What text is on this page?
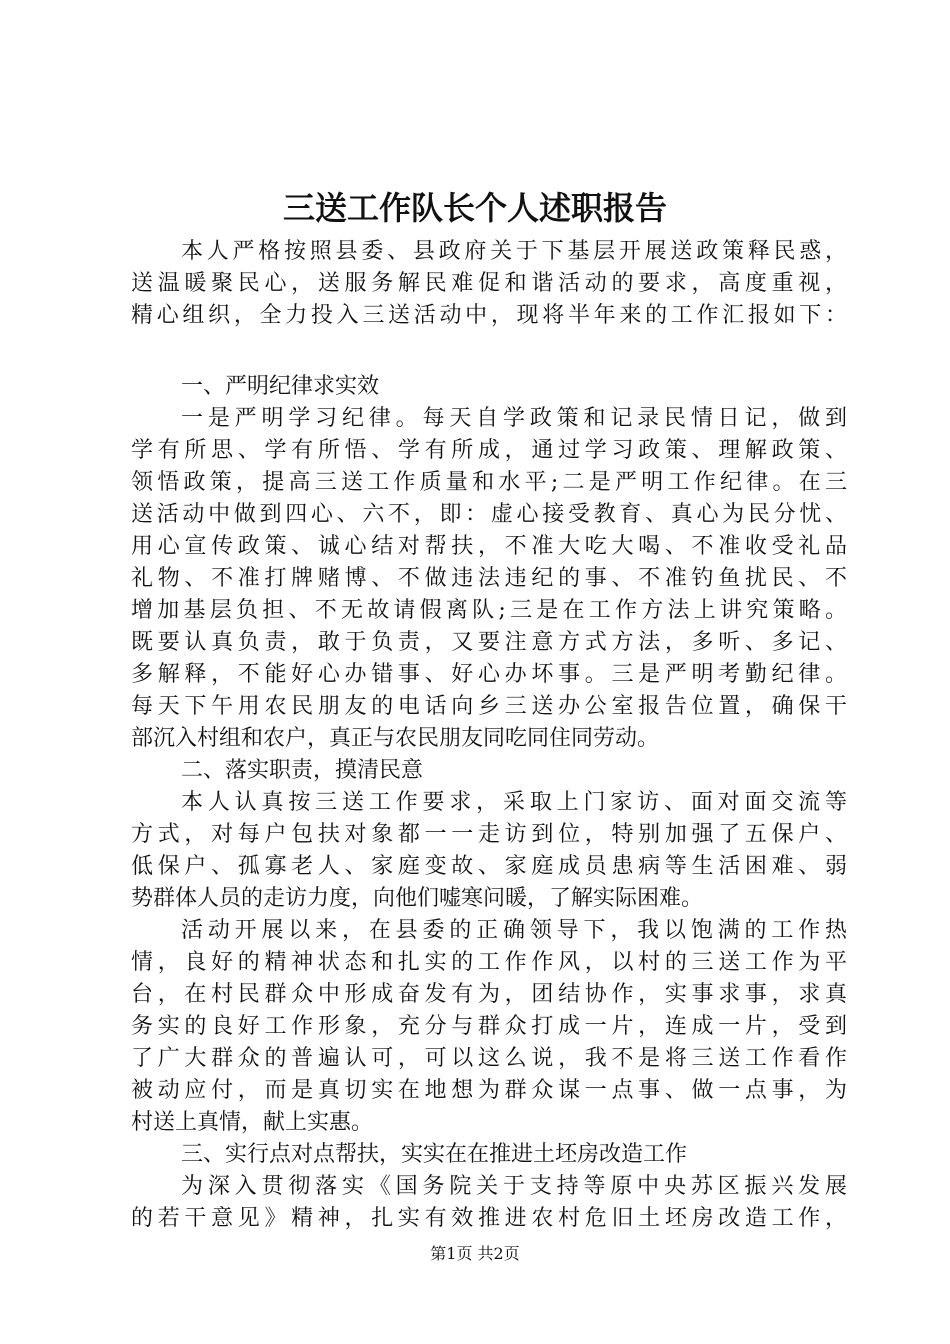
三送工作队长个人述职报告
本人严格按照县委、县政府关于下基层开展送政策释民惑，
送温暖聚民心，送服务解民难促和谐活动的要求，高度重视，
精心组织，全力投入三送活动中，现将半年来的工作汇报如下：
一、严明纪律求实效
一是严明学习纪律。每天自学政策和记录民情日记，做到
学有所思、学有所悟、学有所成，通过学习政策、理解政策、
领悟政策，提高三送工作质量和水平;二是严明工作纪律。在三
送活动中做到四心、六不，即：虚心接受教育、真心为民分忧、
用心宣传政策、诚心结对帮扶，不准大吃大喝、不准收受礼品
礼物、不准打牌赌博、不做违法违纪的事、不准钓鱼扰民、不
增加基层负担、不无故请假离队;三是在工作方法上讲究策略。
既要认真负责，敢于负责，又要注意方式方法，多听、多记、
多解释，不能好心办错事、好心办坏事。三是严明考勤纪律。
每天下午用农民朋友的电话向乡三送办公室报告位置，确保干
部沉入村组和农户，真正与农民朋友同吃同住同劳动。
二、落实职责，摸清民意
本人认真按三送工作要求，采取上门家访、面对面交流等
方式，对每户包扶对象都一一走访到位，特别加强了五保户、
低保户、孤寡老人、家庭变故、家庭成员患病等生活困难、弱
势群体人员的走访力度，向他们嘘寒问暖，了解实际困难。
活动开展以来，在县委的正确领导下，我以饱满的工作热
情，良好的精神状态和扎实的工作作风，以村的三送工作为平
台，在村民群众中形成奋发有为，团结协作，实事求事，求真
务实的良好工作形象，充分与群众打成一片，连成一片，受到
了广大群众的普遍认可，可以这么说，我不是将三送工作看作
被动应付，而是真切实在地想为群众谋一点事、做一点事，为
村送上真情，献上实惠。
三、实行点对点帮扶，实实在在推进土坯房改造工作
为深入贯彻落实《国务院关于支持等原中央苏区振兴发展
的若干意见》精神，扎实有效推进农村危旧土坯房改造工作，
第1页 共2页
